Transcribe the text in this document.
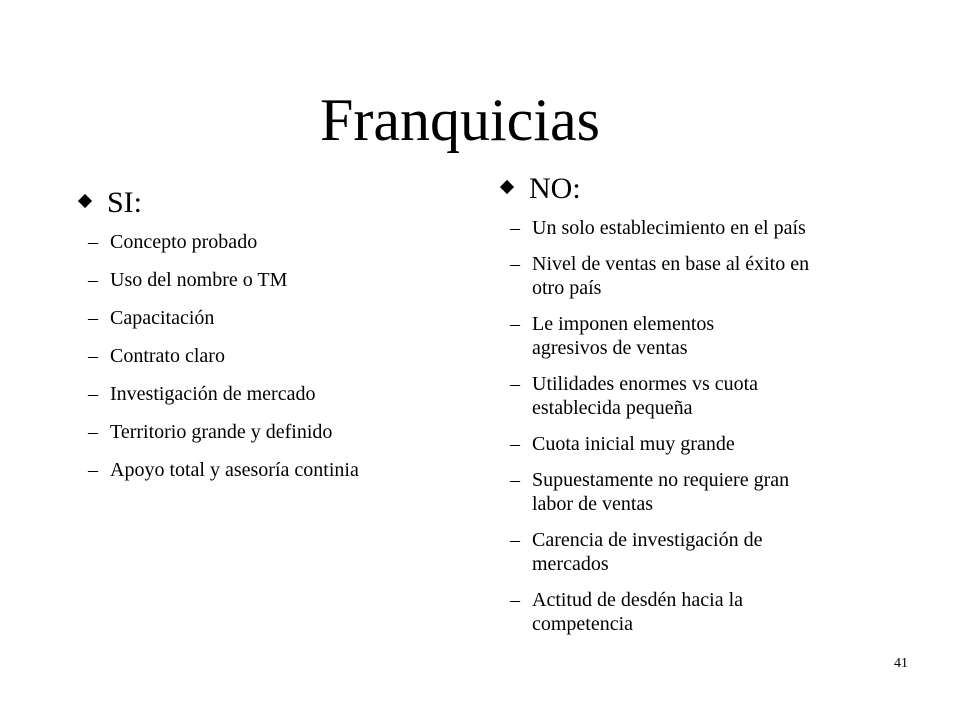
Franquicias
SI:
– Concepto probado
– Uso del nombre o TM
– Capacitación
– Contrato claro
– Investigación de mercado
– Territorio grande y definido
– Apoyo total y asesoría continia
NO:
– Un solo establecimiento en el país
– Nivel de ventas en base al éxito en otro país
– Le imponen elementos agresivos de ventas
– Utilidades enormes vs cuota establecida pequeña
– Cuota inicial muy grande
– Supuestamente no requiere gran labor de ventas
– Carencia de investigación de mercados
– Actitud de desdén hacia la competencia
41
